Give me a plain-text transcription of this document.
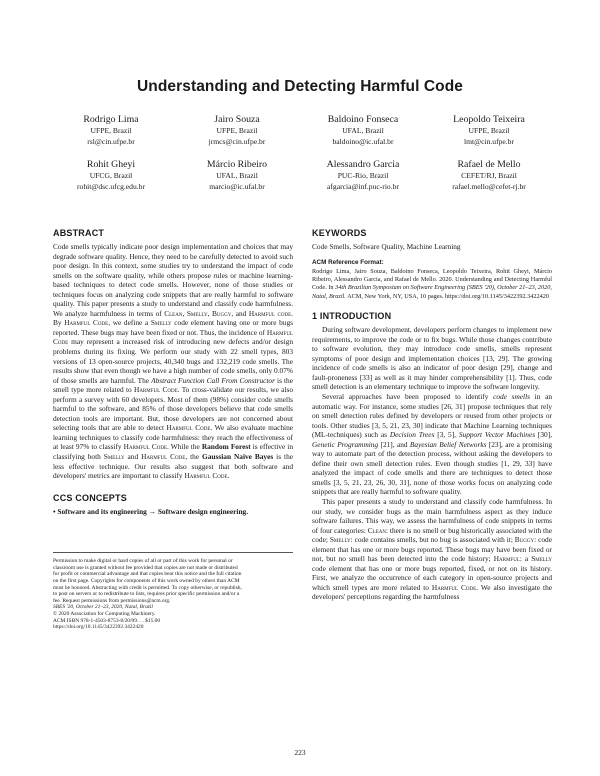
Understanding and Detecting Harmful Code
Rodrigo Lima
UFPE, Brazil
rsl@cin.ufpe.br
Jairo Souza
UFPE, Brazil
jrmcs@cin.ufpe.br
Baldoino Fonseca
UFAL, Brazil
baldoino@ic.ufal.br
Leopoldo Teixeira
UFPE, Brazil
lmt@cin.ufpe.br
Rohit Gheyi
UFCG, Brazil
rohit@dsc.ufcg.edu.br
Márcio Ribeiro
UFAL, Brazil
marcio@ic.ufal.br
Alessandro Garcia
PUC-Rio, Brazil
afgarcia@inf.puc-rio.br
Rafael de Mello
CEFET/RJ, Brazil
rafael.mello@cefet-rj.br
ABSTRACT

Code smells typically indicate poor design implementation and choices that may degrade software quality. Hence, they need to be carefully detected to avoid such poor design. In this context, some studies try to understand the impact of code smells on the software quality, while others propose rules or machine learning-based techniques to detect code smells. However, none of those studies or techniques focus on analyzing code snippets that are really harmful to software quality. This paper presents a study to understand and classify code harmfulness. We analyze harmfulness in terms of Clean, Smelly, Buggy, and Harmful code. By Harmful Code, we define a Smelly code element having one or more bugs reported. These bugs may have been fixed or not. Thus, the incidence of Harmful Code may represent a increased risk of introducing new defects and/or design problems during its fixing. We perform our study with 22 smell types, 803 versions of 13 open-source projects, 40,340 bugs and 132,219 code smells. The results show that even though we have a high number of code smells, only 0.07% of those smells are harmful. The Abstract Function Call From Constructor is the smell type more related to Harmful Code. To cross-validate our results, we also perform a survey with 60 developers. Most of them (98%) consider code smells harmful to the software, and 85% of those developers believe that code smells detection tools are important. But, those developers are not concerned about selecting tools that are able to detect Harmful Code. We also evaluate machine learning techniques to classify code harmfulness: they reach the effectiveness of at least 97% to classify Harmful Code. While the Random Forest is effective in classifying both Smelly and Harmful Code, the Gaussian Naive Bayes is the less effective technique. Our results also suggest that both software and developers' metrics are important to classify Harmful Code.

CCS CONCEPTS

• Software and its engineering → Software design engineering.

Permission to make digital or hard copies of all or part of this work for personal or
classroom use is granted without fee provided that copies are not made or distributed
for profit or commercial advantage and that copies bear this notice and the full citation
on the first page. Copyrights for components of this work owned by others than ACM
must be honored. Abstracting with credit is permitted. To copy otherwise, or republish,
to post on servers or to redistribute to lists, requires prior specific permission and/or a
fee. Request permissions from permissions@acm.org.
SBES '20, October 21–23, 2020, Natal, Brazil
© 2020 Association for Computing Machinery.
ACM ISBN 978-1-4503-8753-8/20/09. . . $15.00
https://doi.org/10.1145/3422392.3422420
KEYWORDS

Code Smells, Software Quality, Machine Learning

ACM Reference Format:

Rodrigo Lima, Jairo Souza, Baldoino Fonseca, Leopoldo Teixeira, Rohit Gheyi, Márcio Ribeiro, Alessandro Garcia, and Rafael de Mello. 2020. Understanding and Detecting Harmful Code. In 34th Brazilian Symposium on Software Engineering (SBES '20), October 21–23, 2020, Natal, Brazil. ACM, New York, NY, USA, 10 pages. https://doi.org/10.1145/3422392.3422420

1 INTRODUCTION

During software development, developers perform changes to implement new requirements, to improve the code or to fix bugs. While those changes contribute to software evolution, they may introduce code smells, smells represent symptoms of poor design and implementation choices [13, 29]. The growing incidence of code smells is also an indicator of poor design [29], change and fault-proneness [33] as well as it may hinder comprehensibility [1]. Thus, code smell detection is an elementary technique to improve the software longevity.

Several approaches have been proposed to identify code smells in an automatic way. For instance, some studies [26, 31] propose techniques that rely on smell detection rules defined by developers or reused from other projects or tools. Other studies [3, 5, 21, 23, 30] indicate that Machine Learning techniques (ML-techniques) such as Decision Trees [3, 5], Support Vector Machines [30], Genetic Programming [21], and Bayesian Belief Networks [23], are a promising way to automate part of the detection process, without asking the developers to define their own smell detection rules. Even though studies [1, 29, 33] have analyzed the impact of code smells and there are techniques to detect those smells [3, 5, 21, 23, 26, 30, 31], none of those works focus on analyzing code snippets that are really harmful to software quality.

This paper presents a study to understand and classify code harmfulness. In our study, we consider bugs as the main harmfulness aspect as they induce software failures. This way, we assess the harmfulness of code snippets in terms of four categories: Clean: there is no smell or bug historically associated with the code; Smelly: code contains smells, but no bug is associated with it; Buggy: code element that has one or more bugs reported. These bugs may have been fixed or not, but no smell has been detected into the code history; Harmful: a Smelly code element that has one or more bugs reported, fixed, or not on its history. First, we analyze the occurrence of each category in open-source projects and which smell types are more related to Harmful Code. We also investigate the developers' perceptions regarding the harmfulness

223
